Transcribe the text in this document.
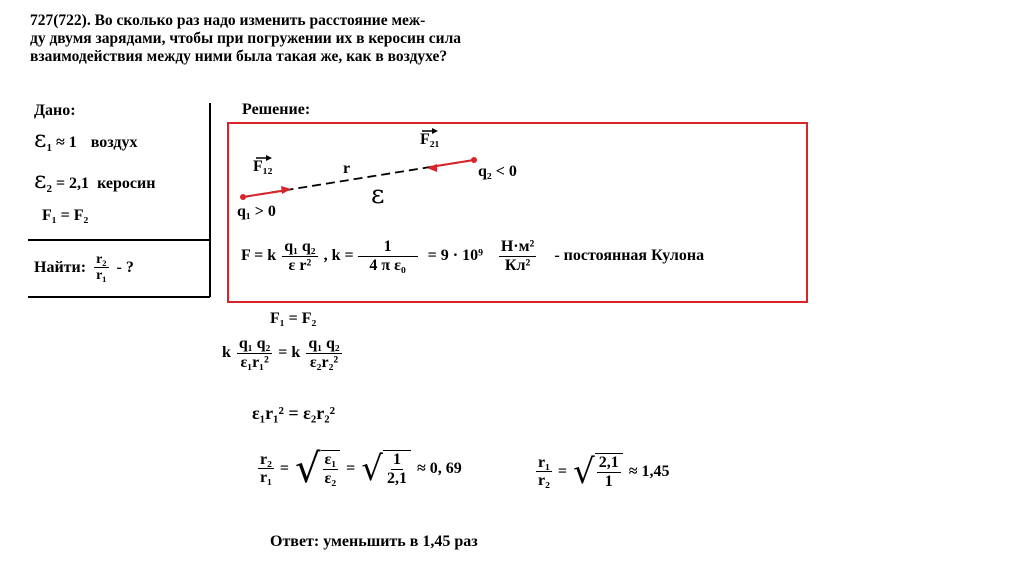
727(722). Во сколько раз надо изменить расстояние меж-

ду двумя зарядами, чтобы при погружении их в керосин сила

взаимодействия между ними была такая же, как в воздухе?

Дано:
$\varepsilon_1 \approx 1$ воздух
$\varepsilon_2 = 2,1$ керосин
F₁ = F₂
Найти: $\frac{\text{r₂}}{\text{r₁}}$ - ?
Решение:
F₁₂
F₂₁
r
q₁ > 0
q₂ < 0
ε
F = k $\frac{\text{q₁ q₂}}{\text{ε r²}}$ , $k = \frac{1}{\text{4 π ε₀}} = 9 \cdot 10^9 \frac{\text{Н·м²}}{\text{Кл²}}$ - постоянная Кулона
F₁ = F₂
k $\frac{\text{q₁ q₂}}{\text{ε₁r₁²}} = k \frac{\text{q₁ q₂}}{\text{ε₂r₂²}}$
ε₁r₁² = ε₂r₂²
$\frac{\text{r₂}}{\text{r₁}}$ = √ $\frac{\text{ε₁}}{\text{ε₂}}$ = √ $\frac{1}{2,1} \approx 0$, 69	$\frac{\text{r₁}}{\text{r₂}}$ = √ $\frac{2,1}{1} \approx 1,45$
Ответ: уменьшить в 1,45 раз
